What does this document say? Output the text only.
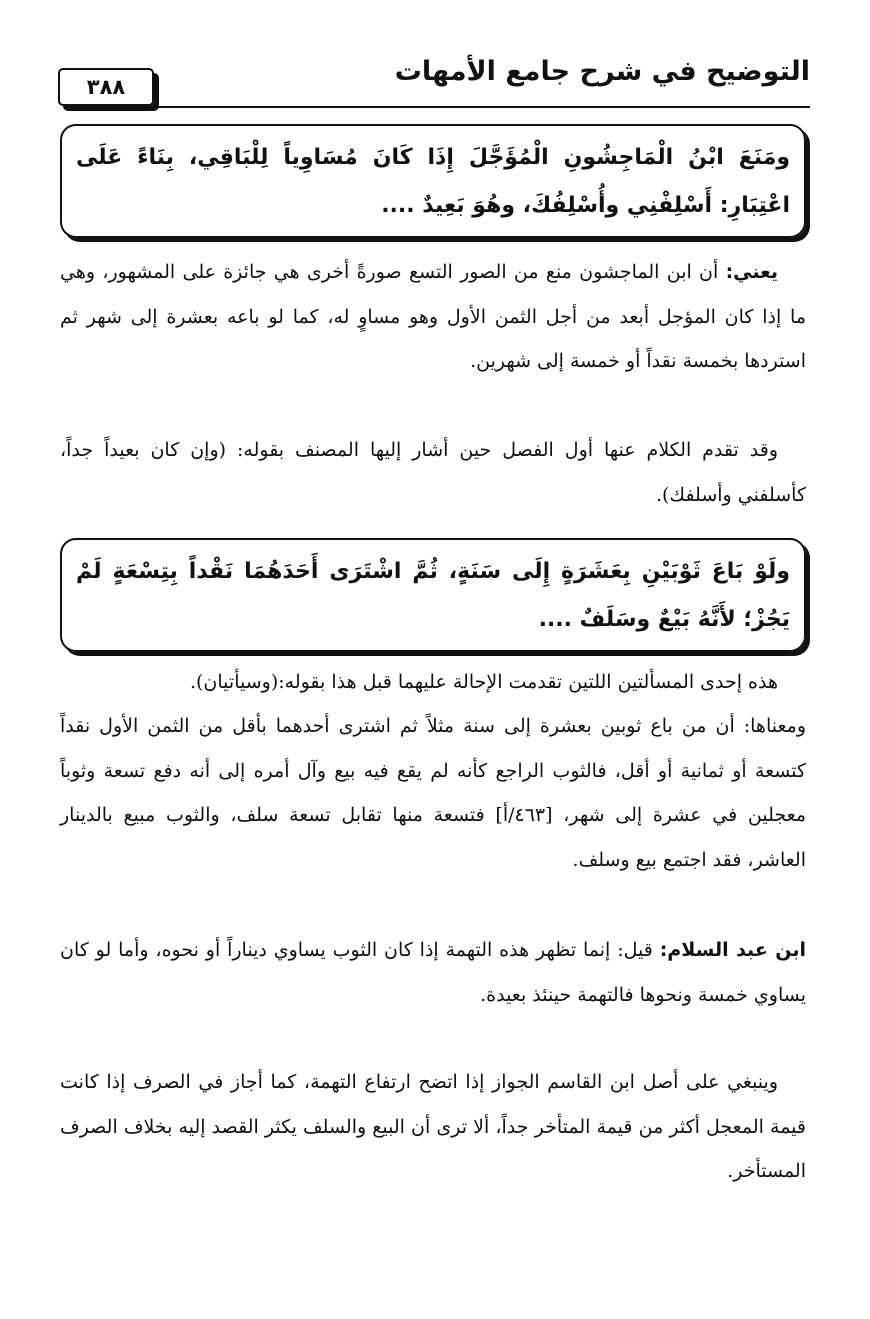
٣٨٨	التوضيح في شرح جامع الأمهات
ومَنَعَ ابْنُ الْمَاجِشُونِ الْمُؤَجَّلَ إِذَا كَانَ مُسَاوِياً لِلْبَاقِي، بِنَاءً عَلَى اعْتِبَارِ: أَسْلِفْنِي وأُسْلِفُكَ، وهُوَ بَعِيدٌ ....
يعني: أن ابن الماجشون منع من الصور التسع صورةً أخرى هي جائزة على المشهور، وهي ما إذا كان المؤجل أبعد من أجل الثمن الأول وهو مساوٍ له، كما لو باعه بعشرة إلى شهر ثم استردها بخمسة نقداً أو خمسة إلى شهرين.
وقد تقدم الكلام عنها أول الفصل حين أشار إليها المصنف بقوله: (وإن كان بعيداً جداً، كأسلفني وأسلفك).
ولَوْ بَاعَ ثَوْبَيْنِ بِعَشَرَةٍ إِلَى سَنَةٍ، ثُمَّ اشْتَرَى أَحَدَهُمَا نَقْداً بِتِسْعَةٍ لَمْ يَجُزْ؛ لأَنَّهُ بَيْعٌ وسَلَفٌ ....
هذه إحدى المسألتين اللتين تقدمت الإحالة عليهما قبل هذا بقوله:(وسيأتيان).
ومعناها: أن من باع ثوبين بعشرة إلى سنة مثلاً ثم اشترى أحدهما بأقل من الثمن الأول نقداً كتسعة أو ثمانية أو أقل، فالثوب الراجع كأنه لم يقع فيه بيع وآل أمره إلى أنه دفع تسعة وثوباً معجلين في عشرة إلى شهر، [٤٦٣/أ] فتسعة منها تقابل تسعة سلف، والثوب مبيع بالدينار العاشر، فقد اجتمع بيع وسلف.
ابن عبد السلام: قيل: إنما تظهر هذه التهمة إذا كان الثوب يساوي ديناراً أو نحوه، وأما لو كان يساوي خمسة ونحوها فالتهمة حينئذ بعيدة.
وينبغي على أصل ابن القاسم الجواز إذا اتضح ارتفاع التهمة، كما أجاز في الصرف إذا كانت قيمة المعجل أكثر من قيمة المتأخر جداً، ألا ترى أن البيع والسلف يكثر القصد إليه بخلاف الصرف المستأخر.
